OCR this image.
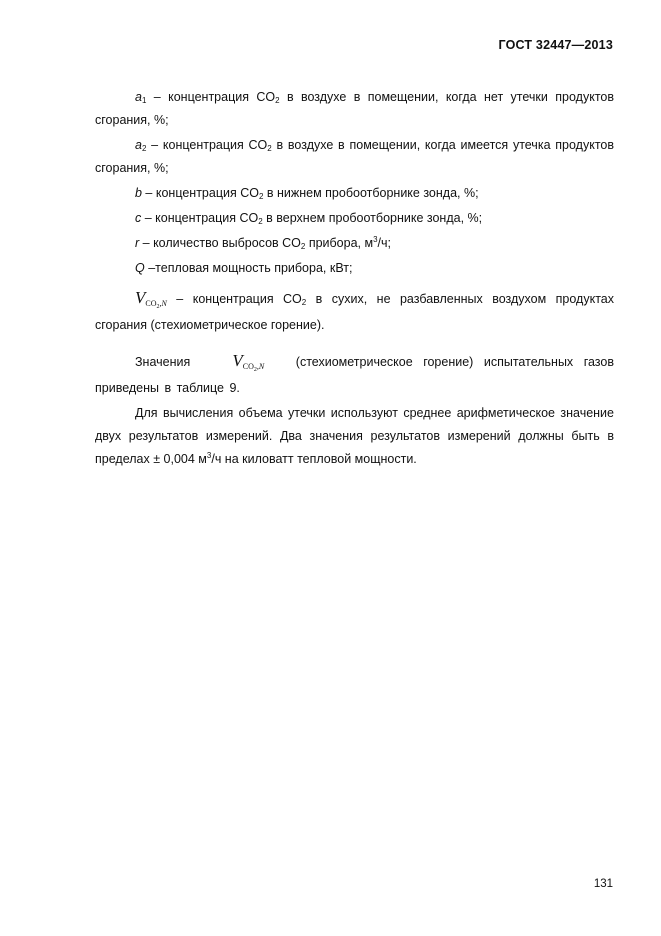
ГОСТ 32447—2013

$a_1$ – концентрация $CO_2$ в воздухе в помещении, когда нет утечки продуктов сгорания, %;

$a_2$ – концентрация $CO_2$ в воздухе в помещении, когда имеется утечка продуктов сгорания, %;

b – концентрация $CO_2$ в нижнем пробоотборнике зонда, %;

c – концентрация $CO_2$ в верхнем пробоотборнике зонда, %;

r – количество выбросов $CO_2$ прибора, $м^3/ч$;

Q –тепловая мощность прибора, кВт;

$VCO_2,N$ – концентрация $CO_2$ в сухих, не разбавленных воздухом продуктах сгорания (стехиометрическое горение).

Значения $VCO_2,N$	(стехиометрическое горение) испытательных газов приведены в таблице 9.

Для вычисления объема утечки используют среднее арифметическое значение двух результатов измерений. Два значения результатов измерений должны быть в пределах ± 0,004 $м^3/ч$ на киловатт тепловой мощности.

131
